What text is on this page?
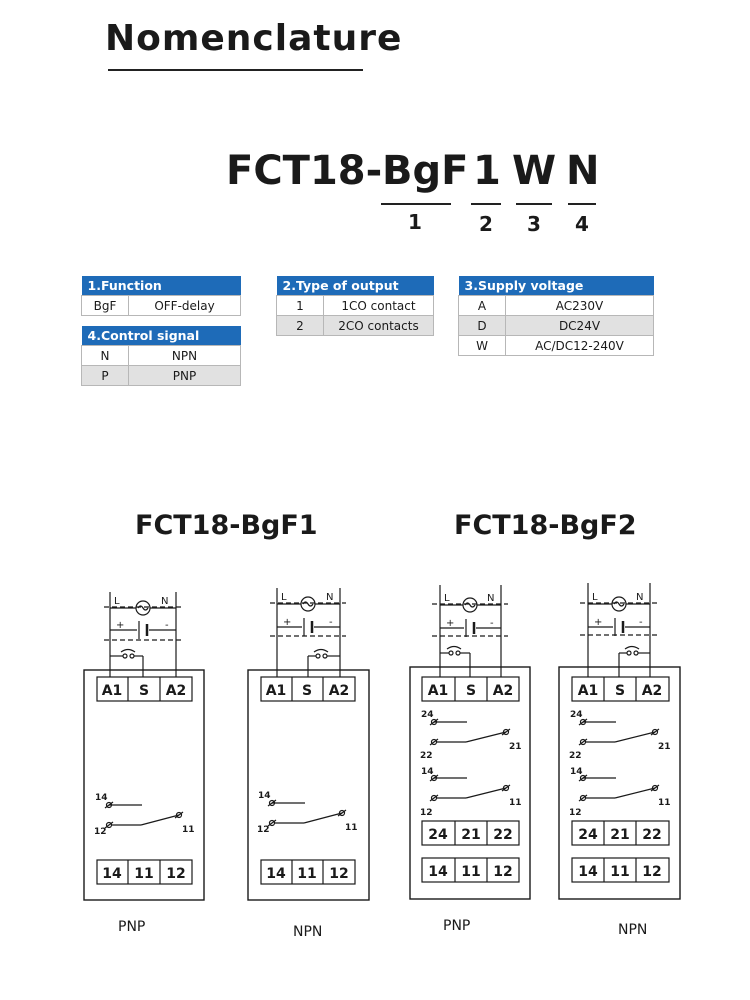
Nomenclature
FCT18- BgF 1 W N
1	2	3	4
1.Function
BgF	OFF-delay
4.Control signal	
N	NPN
P	PNP
2.Type of output	
1	1CO contact
2	2CO contacts
3.Supply voltage	
A	AC230V
D	DC24V
W	AC/DC12-240V
FCT18-BgF1	FCT18-BgF2
L	N
+	-
L	N
+	-
L	N
+	-
L	N
+	-
A1 S A2	A1 S A2	A1 S A2	A1 S A2
14
12	11
14
12	11
24
22
21
14
12
11
24
22
21
14
12
11
14 11 12	14 11 12
24 21 22
14 11 12
24 21 22
14 11 12
PNP	NPN	PNP	NPN
